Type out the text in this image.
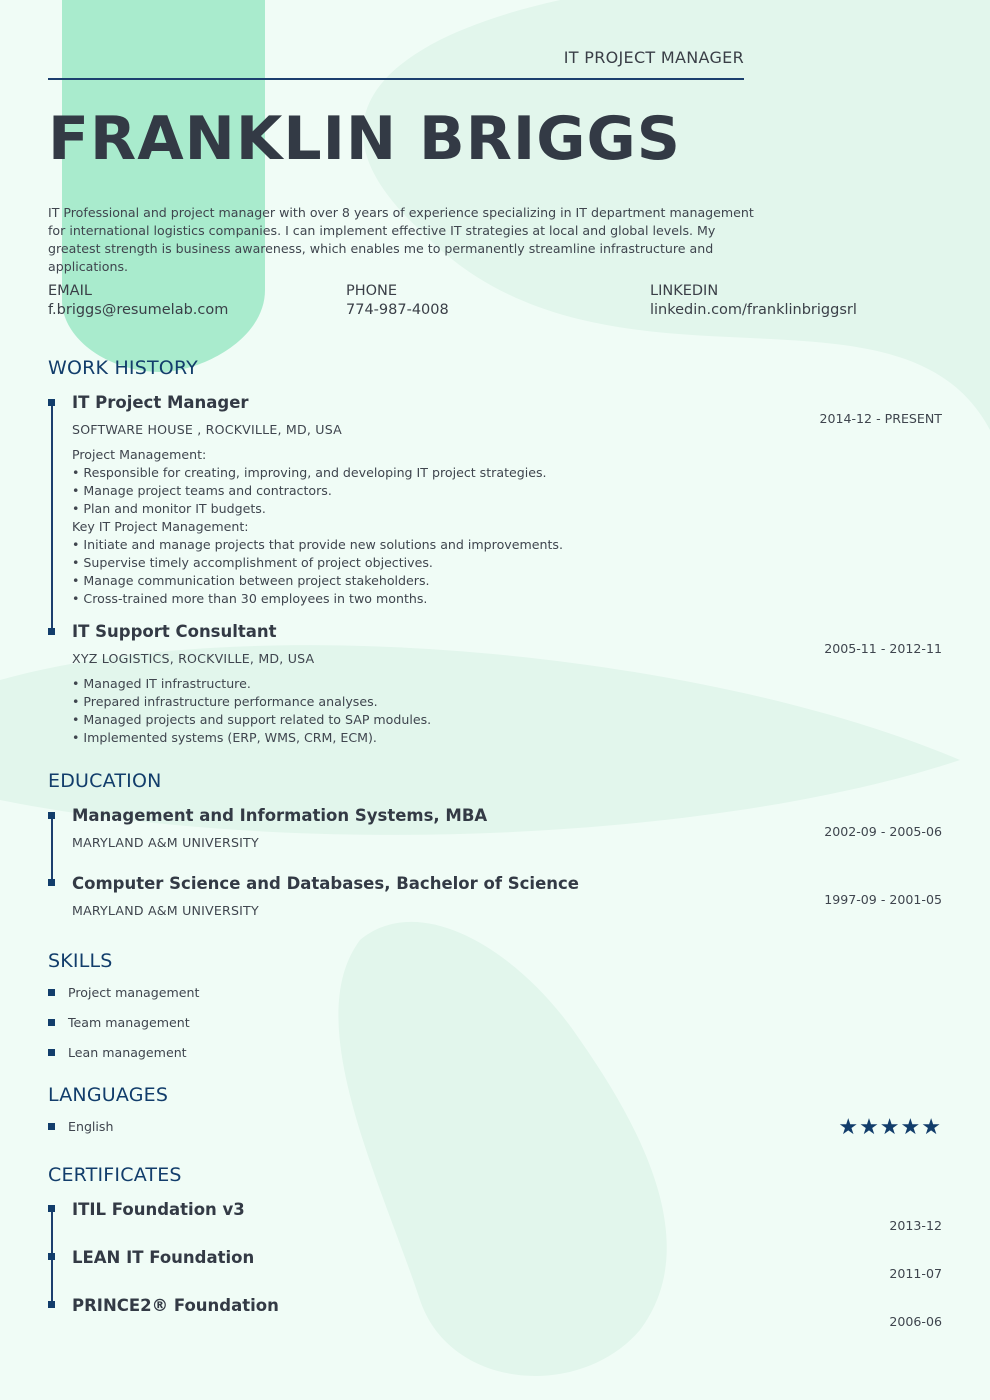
IT PROJECT MANAGER
FRANKLIN BRIGGS

IT Professional and project manager with over 8 years of experience specializing in IT department management for international logistics companies. I can implement effective IT strategies at local and global levels. My greatest strength is business awareness, which enables me to permanently streamline infrastructure and applications.

EMAIL
f.briggs@resumelab.com
PHONE
774-987-4008
LINKEDIN
linkedin.com/franklinbriggsrl
WORK HISTORY
IT Project Manager
SOFTWARE HOUSE , ROCKVILLE, MD, USA
Project Management:
• Responsible for creating, improving, and developing IT project strategies.
• Manage project teams and contractors.
• Plan and monitor IT budgets.
Key IT Project Management:
• Initiate and manage projects that provide new solutions and improvements.
• Supervise timely accomplishment of project objectives.
• Manage communication between project stakeholders.
• Cross-trained more than 30 employees in two months.
2014-12 - PRESENT
IT Support Consultant
XYZ LOGISTICS, ROCKVILLE, MD, USA
• Managed IT infrastructure.
• Prepared infrastructure performance analyses.
• Managed projects and support related to SAP modules.
• Implemented systems (ERP, WMS, CRM, ECM).
2005-11 - 2012-11
EDUCATION
Management and Information Systems, MBA
MARYLAND A&M UNIVERSITY
2002-09 - 2005-06
Computer Science and Databases, Bachelor of Science
MARYLAND A&M UNIVERSITY
1997-09 - 2001-05
SKILLS
Project management
Team management
Lean management
LANGUAGES
English	★★★★★
CERTIFICATES
ITIL Foundation v3
2013-12
LEAN IT Foundation
2011-07
PRINCE2® Foundation
2006-06
